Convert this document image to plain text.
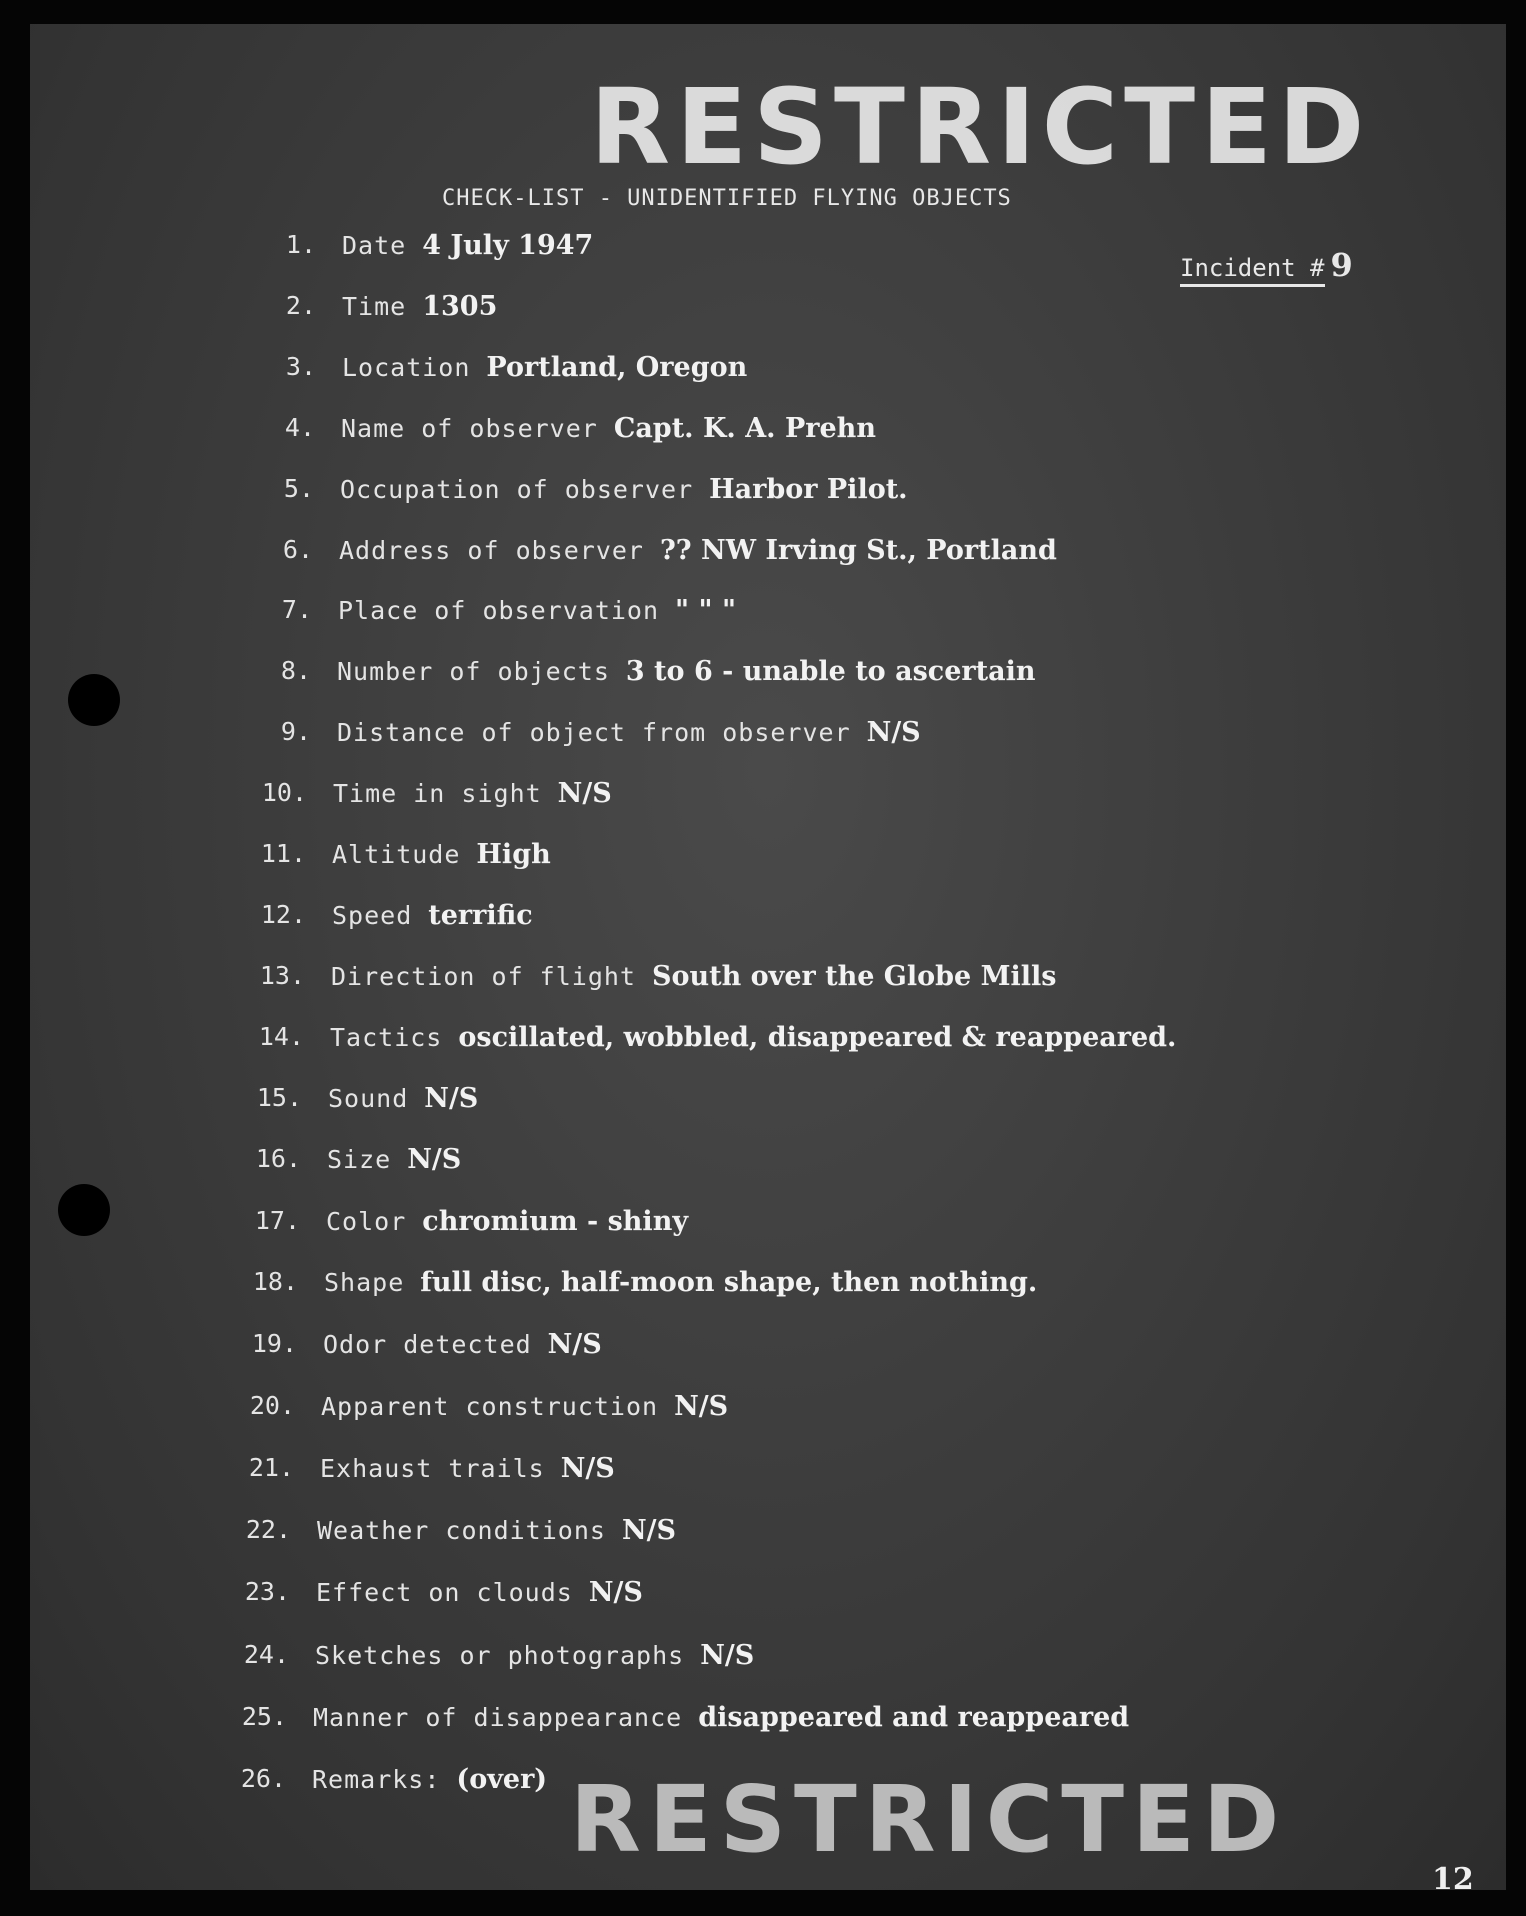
RESTRICTED
CHECK-LIST - UNIDENTIFIED FLYING OBJECTS
Incident # 9
1. Date 4 July 1947
2. Time 1305
3. Location Portland, Oregon
4. Name of observer Capt. K. A. Prehn
5. Occupation of observer Harbor Pilot.
6. Address of observer ?? NW Irving St., Portland
7. Place of observation " " "
8. Number of objects 3 to 6 - unable to ascertain
9. Distance of object from observer N/S
10. Time in sight N/S
11. Altitude High
12. Speed terrific
13. Direction of flight South over the Globe Mills
14. Tactics oscillated, wobbled, disappeared & reappeared.
15. Sound N/S
16. Size N/S
17. Color chromium - shiny
18. Shape full disc, half-moon shape, then nothing.
19. Odor detected N/S
20. Apparent construction N/S
21. Exhaust trails N/S
22. Weather conditions N/S
23. Effect on clouds N/S
24. Sketches or photographs N/S
25. Manner of disappearance disappeared and reappeared
26. Remarks: (over) RESTRICTED
12
